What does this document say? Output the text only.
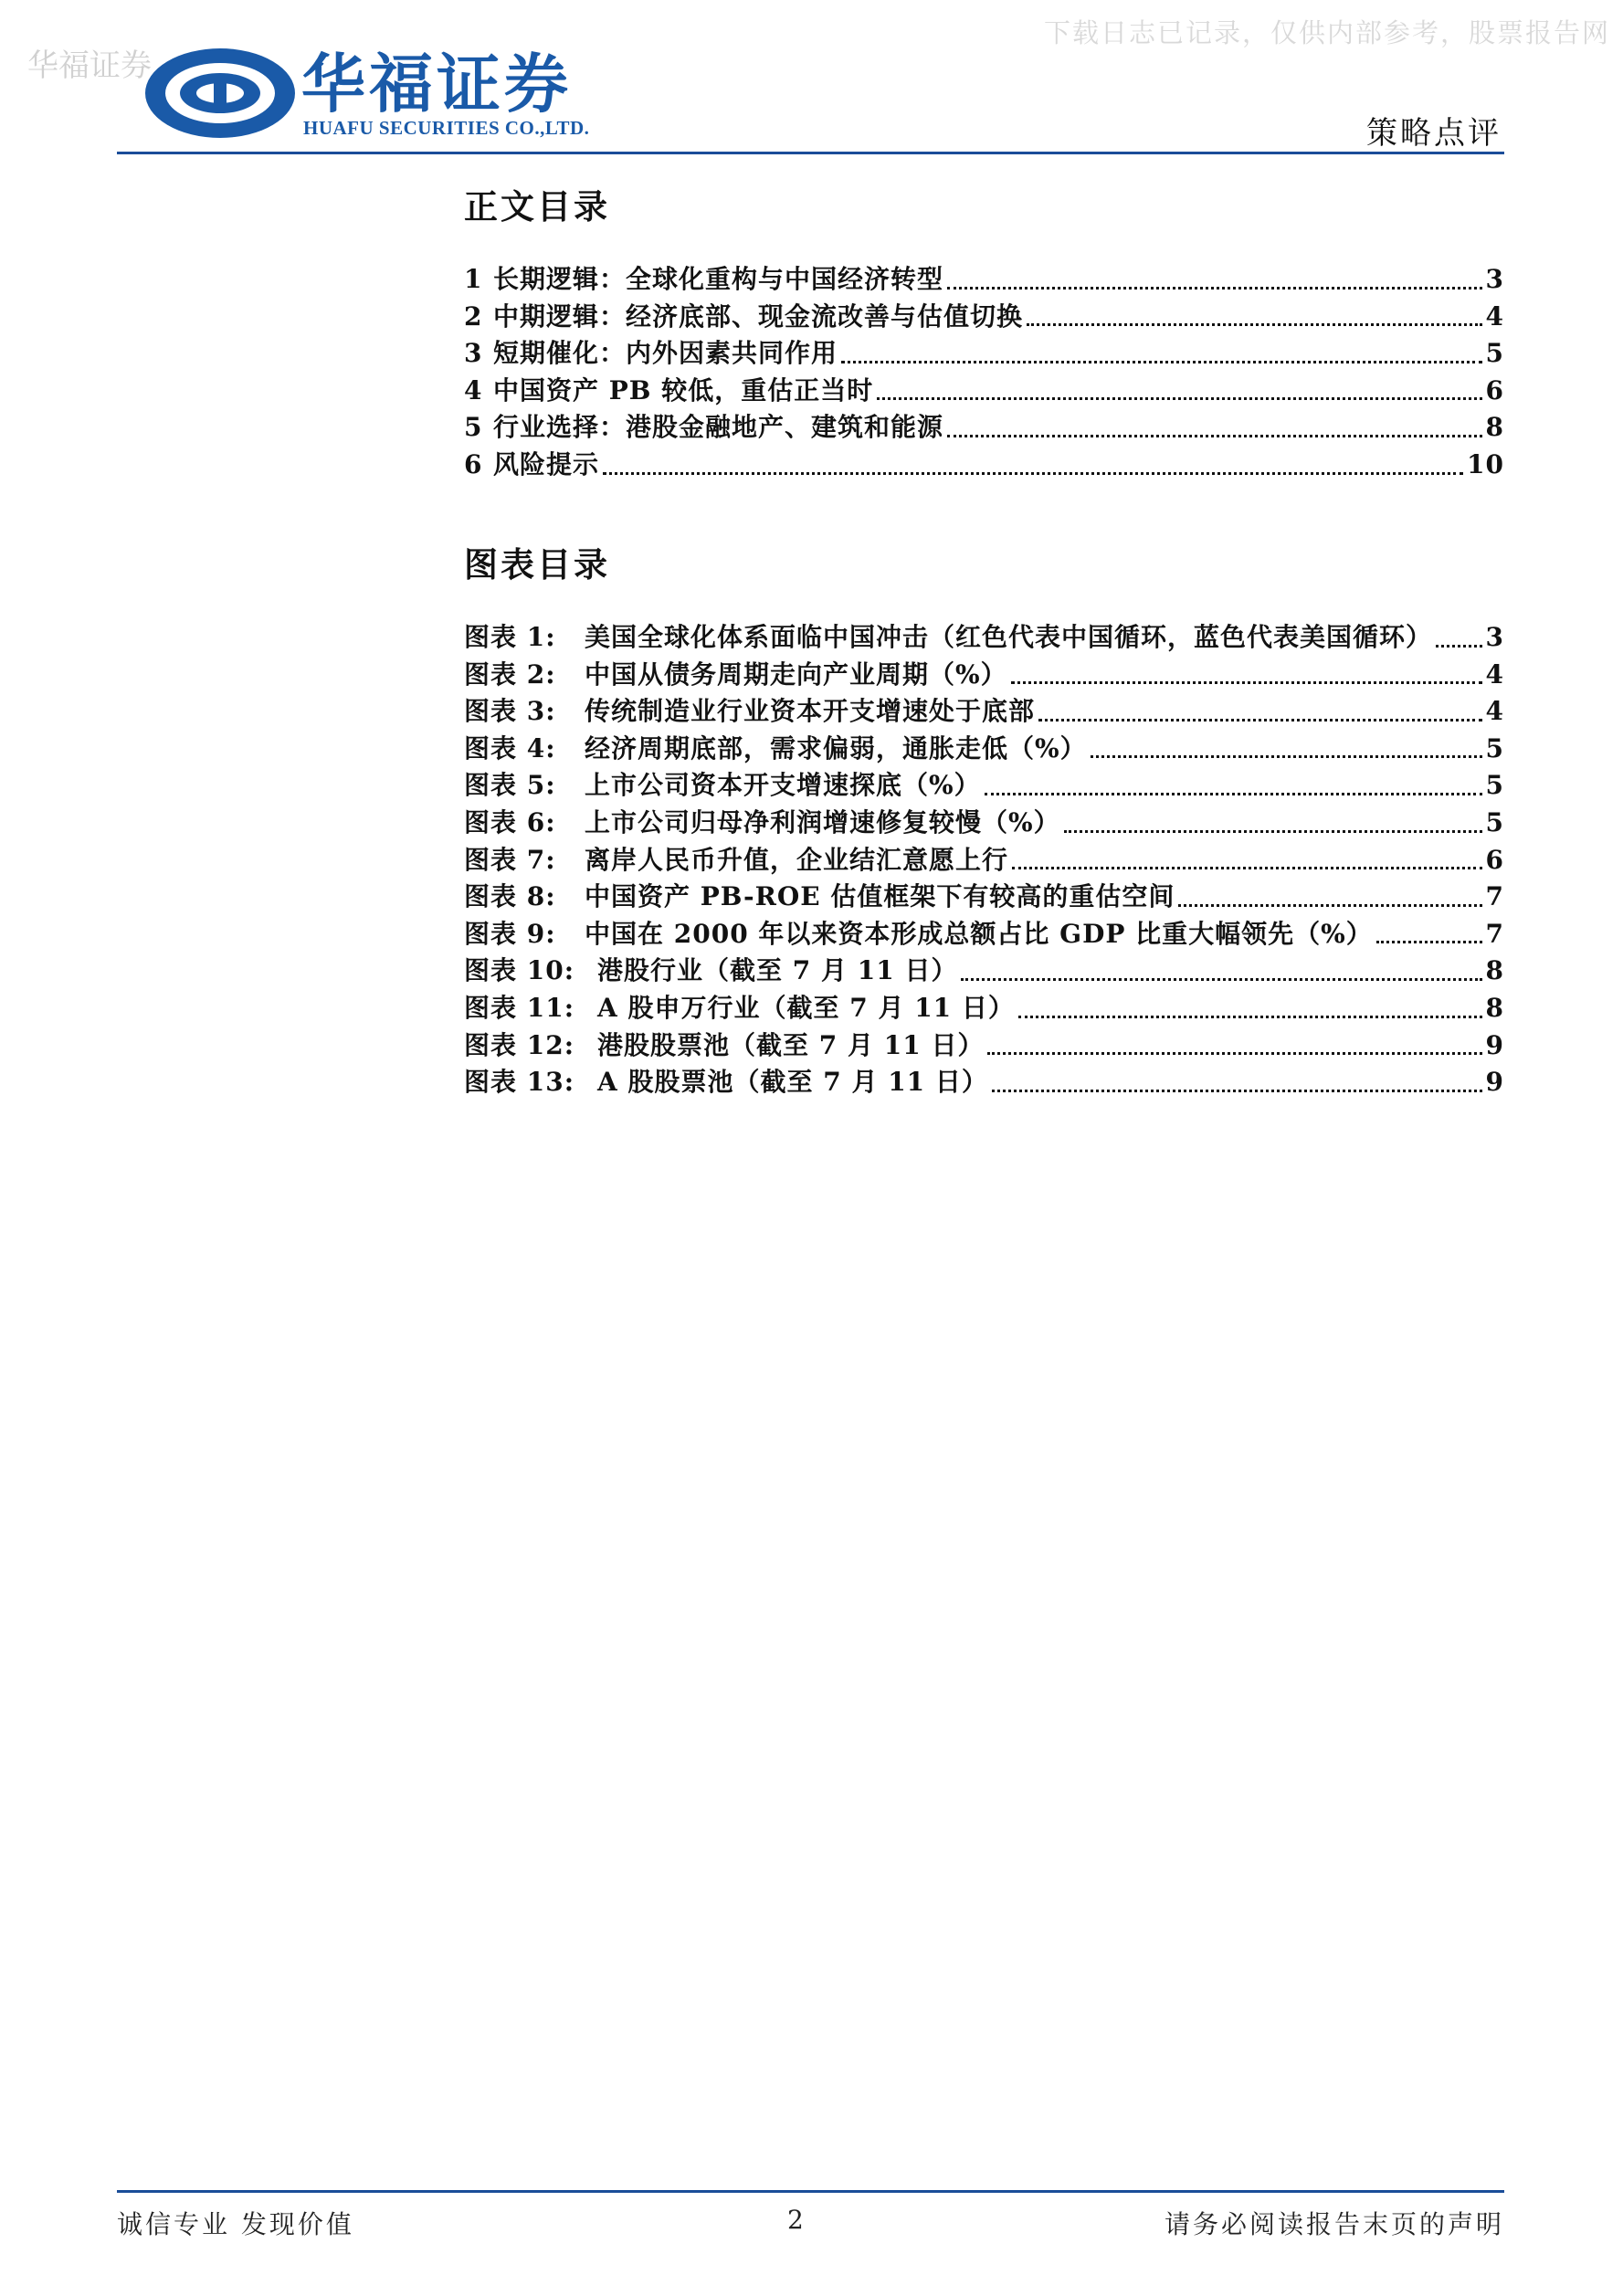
下载日志已记录，仅供内部参考，股票报告网
华福证券 华福证券
HUAFU SECURITIES CO.,LTD.	策略点评
正文目录
1 长期逻辑：全球化重构与中国经济转型	3
2 中期逻辑：经济底部、现金流改善与估值切换	4
3 短期催化：内外因素共同作用	5
4 中国资产 PB 较低，重估正当时	6
5 行业选择：港股金融地产、建筑和能源	8
6 风险提示	10
图表目录
图表 1: 美国全球化体系面临中国冲击（红色代表中国循环，蓝色代表美国循环） 3
图表 2: 中国从债务周期走向产业周期（%）	4
图表 3: 传统制造业行业资本开支增速处于底部	4
图表 4: 经济周期底部，需求偏弱，通胀走低（%）	5
图表 5: 上市公司资本开支增速探底（%）	5
图表 6: 上市公司归母净利润增速修复较慢（%）	5
图表 7: 离岸人民币升值，企业结汇意愿上行	6
图表 8: 中国资产 PB-ROE 估值框架下有较高的重估空间	7
图表 9: 中国在 2000 年以来资本形成总额占比 GDP 比重大幅领先（%）	7
图表 10: 港股行业（截至 7 月 11 日）	8
图表 11: A 股申万行业（截至 7 月 11 日）	8
图表 12: 港股股票池（截至 7 月 11 日）	9
图表 13: A 股股票池（截至 7 月 11 日）	9
诚信专业 发现价值	2	请务必阅读报告末页的声明
